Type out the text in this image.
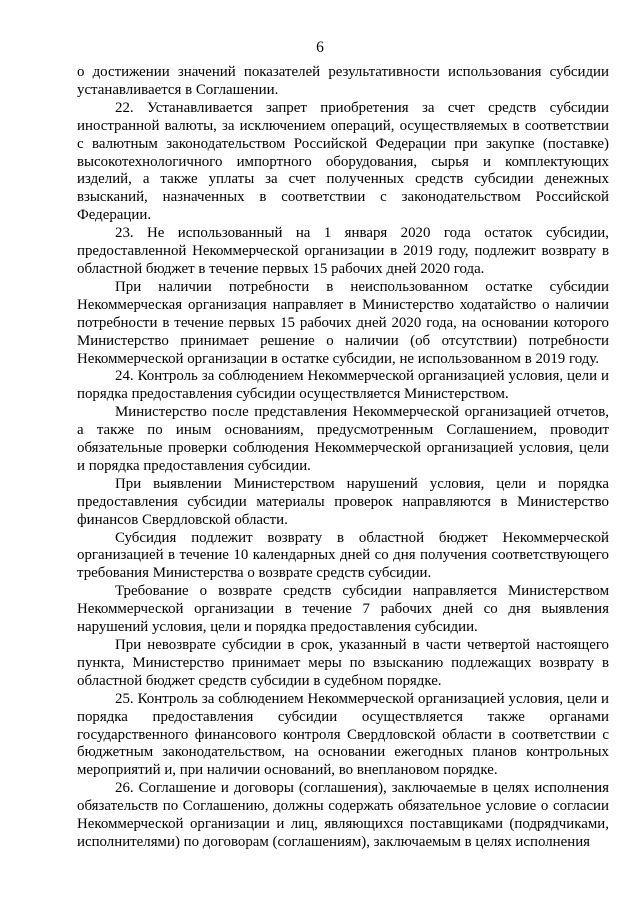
6

о достижении значений показателей результативности использования субсидии устанавливается в Соглашении.

22. Устанавливается запрет приобретения за счет средств субсидии иностранной валюты, за исключением операций, осуществляемых в соответствии с валютным законодательством Российской Федерации при закупке (поставке) высокотехнологичного импортного оборудования, сырья и комплектующих изделий, а также уплаты за счет полученных средств субсидии денежных взысканий, назначенных в соответствии с законодательством Российской Федерации.

23. Не использованный на 1 января 2020 года остаток субсидии, предоставленной Некоммерческой организации в 2019 году, подлежит возврату в областной бюджет в течение первых 15 рабочих дней 2020 года.

При наличии потребности в неиспользованном остатке субсидии Некоммерческая организация направляет в Министерство ходатайство о наличии потребности в течение первых 15 рабочих дней 2020 года, на основании которого Министерство принимает решение о наличии (об отсутствии) потребности Некоммерческой организации в остатке субсидии, не использованном в 2019 году.

24. Контроль за соблюдением Некоммерческой организацией условия, цели и порядка предоставления субсидии осуществляется Министерством.

Министерство после представления Некоммерческой организацией отчетов, а также по иным основаниям, предусмотренным Соглашением, проводит обязательные проверки соблюдения Некоммерческой организацией условия, цели и порядка предоставления субсидии.

При выявлении Министерством нарушений условия, цели и порядка предоставления субсидии материалы проверок направляются в Министерство финансов Свердловской области.

Субсидия подлежит возврату в областной бюджет Некоммерческой организацией в течение 10 календарных дней со дня получения соответствующего требования Министерства о возврате средств субсидии.

Требование о возврате средств субсидии направляется Министерством Некоммерческой организации в течение 7 рабочих дней со дня выявления нарушений условия, цели и порядка предоставления субсидии.

При невозврате субсидии в срок, указанный в части четвертой настоящего пункта, Министерство принимает меры по взысканию подлежащих возврату в областной бюджет средств субсидии в судебном порядке.

25. Контроль за соблюдением Некоммерческой организацией условия, цели и порядка предоставления субсидии осуществляется также органами государственного финансового контроля Свердловской области в соответствии с бюджетным законодательством, на основании ежегодных планов контрольных мероприятий и, при наличии оснований, во внеплановом порядке.

26. Соглашение и договоры (соглашения), заключаемые в целях исполнения обязательств по Соглашению, должны содержать обязательное условие о согласии Некоммерческой организации и лиц, являющихся поставщиками (подрядчиками, исполнителями) по договорам (соглашениям), заключаемым в целях исполнения
